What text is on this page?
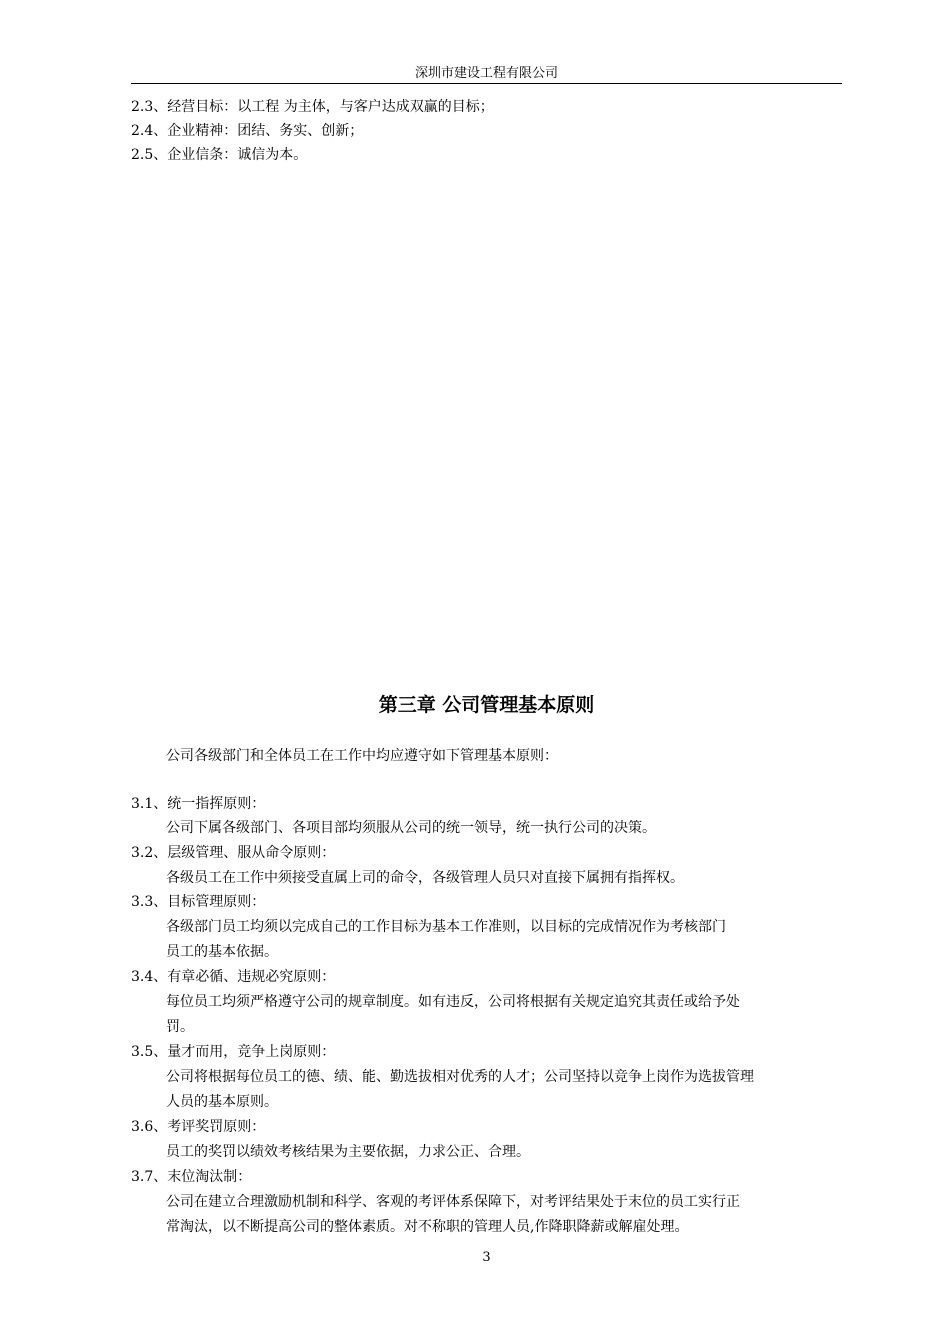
深圳市建设工程有限公司
2.3、经营目标：以工程 为主体，与客户达成双赢的目标；
2.4、企业精神：团结、务实、创新；
2.5、企业信条：诚信为本。
第三章 公司管理基本原则
公司各级部门和全体员工在工作中均应遵守如下管理基本原则：
3.1、统一指挥原则：
公司下属各级部门、各项目部均须服从公司的统一领导，统一执行公司的决策。
3.2、层级管理、服从命令原则：
各级员工在工作中须接受直属上司的命令，各级管理人员只对直接下属拥有指挥权。
3.3、目标管理原则：
各级部门员工均须以完成自己的工作目标为基本工作准则，以目标的完成情况作为考核部门
员工的基本依据。
3.4、有章必循、违规必究原则：
每位员工均须严格遵守公司的规章制度。如有违反，公司将根据有关规定追究其责任或给予处
罚。
3.5、量才而用，竞争上岗原则：
公司将根据每位员工的德、绩、能、勤选拔相对优秀的人才；公司坚持以竞争上岗作为选拔管理
人员的基本原则。
3.6、考评奖罚原则：
员工的奖罚以绩效考核结果为主要依据，力求公正、合理。
3.7、末位淘汰制：
公司在建立合理激励机制和科学、客观的考评体系保障下，对考评结果处于末位的员工实行正
常淘汰，以不断提高公司的整体素质。对不称职的管理人员,作降职降薪或解雇处理。
3
